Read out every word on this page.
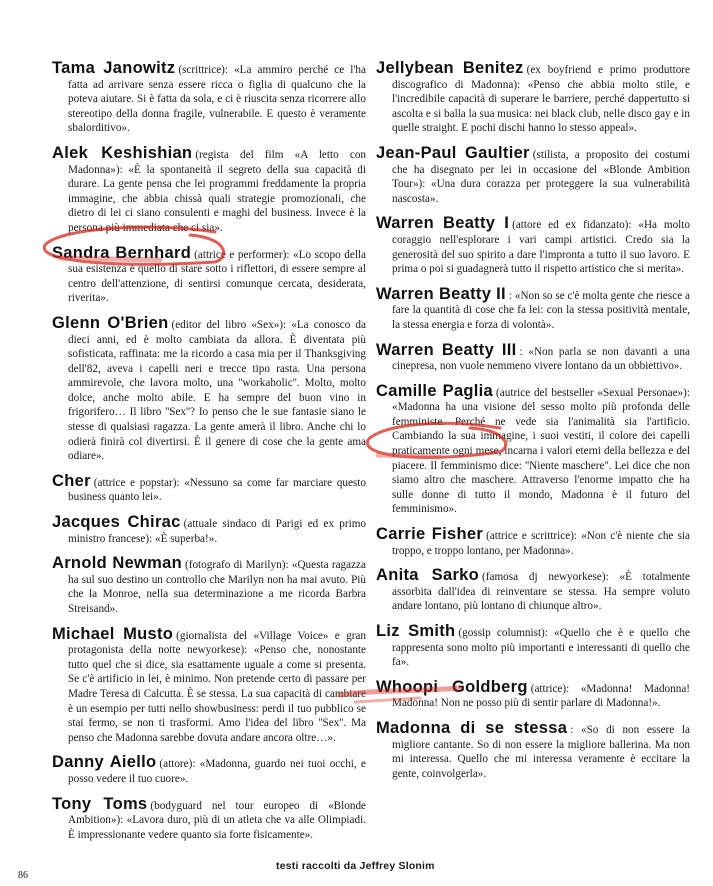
Tama Janowitz (scrittrice): «La ammiro perché ce l'ha fatta ad arrivare senza essere ricca o figlia di qualcuno che la poteva aiutare. Si è fatta da sola, e ci è riuscita senza ricorrere allo stereotipo della donna fragile, vulnerabile. E questo è veramente sbalorditivo».

Alek Keshishian (regista del film «A letto con Madonna»): «È la spontaneità il segreto della sua capacità di durare. La gente pensa che lei programmi freddamente la propria immagine, che abbia chissà quali strategie promozionali, che dietro di lei ci siano consulenti e maghi del business. Invece è la persona più immediata che ci sia».

Sandra Bernhard (attrice e performer): «Lo scopo della sua esistenza è quello di stare sotto i riflettori, di essere sempre al centro dell'attenzione, di sentirsi comunque cercata, desiderata, riverita».

Glenn O'Brien (editor del libro «Sex»): «La conosco da dieci anni, ed è molto cambiata da allora. È diventata più sofisticata, raffinata: me la ricordo a casa mia per il Thanksgiving dell'82, aveva i capelli neri e trecce tipo rasta. Una persona ammirevole, che lavora molto, una ''workaholic''. Molto, molto dolce, anche molto abile. E ha sempre del buon vino in frigorifero… Il libro ''Sex''? Io penso che le sue fantasie siano le stesse di qualsiasi ragazza. La gente amerà il libro. Anche chi lo odierà finirà col divertirsi. È il genere di cose che la gente ama odiare».

Cher (attrice e popstar): «Nessuno sa come far marciare questo business quanto lei».

Jacques Chirac (attuale sindaco di Parigi ed ex primo ministro francese): «È superba!».

Arnold Newman (fotografo di Marilyn): «Questa ragazza ha sul suo destino un controllo che Marilyn non ha mai avuto. Più che la Monroe, nella sua determinazione a me ricorda Barbra Streisand».

Michael Musto (giornalista del «Village Voice» e gran protagonista della notte newyorkese): «Penso che, nonostante tutto quel che si dice, sia esattamente uguale a come si presenta. Se c'è artificio in lei, è minimo. Non pretende certo di passare per Madre Teresa di Calcutta. È se stessa. La sua capacità di cambiare è un esempio per tutti nello showbusiness: perdi il tuo pubblico se stai fermo, se non ti trasformi. Amo l'idea del libro ''Sex''. Ma penso che Madonna sarebbe dovuta andare ancora oltre…».

Danny Aiello (attore): «Madonna, guardo nei tuoi occhi, e posso vedere il tuo cuore».

Tony Toms (bodyguard nel tour europeo di «Blonde Ambition»): «Lavora duro, più di un atleta che va alle Olimpiadi. È impressionante vedere quanto sia forte fisicamente».

Jellybean Benitez (ex boyfriend e primo produttore discografico di Madonna): «Penso che abbia molto stile, e l'incredibile capacità di superare le barriere, perché dappertutto si ascolta e si balla la sua musica: nei black club, nelle disco gay e in quelle straight. E pochi dischi hanno lo stesso appeal».

Jean-Paul Gaultier (stilista, a proposito dei costumi che ha disegnato per lei in occasione del «Blonde Ambition Tour»): «Una dura corazza per proteggere la sua vulnerabilità nascosta».

Warren Beatty I (attore ed ex fidanzato): «Ha molto coraggio nell'esplorare i vari campi artistici. Credo sia la generosità del suo spirito a dare l'impronta a tutto il suo lavoro. E prima o poi si guadagnerà tutto il rispetto artistico che si merita».

Warren Beatty II : «Non so se c'è molta gente che riesce a fare la quantità di cose che fa lei: con la stessa positività mentale, la stessa energia e forza di volontà».

Warren Beatty III : «Non parla se non davanti a una cinepresa, non vuole nemmeno vivere lontano da un obbiettivo».

Camille Paglia (autrice del bestseller «Sexual Personae»): «Madonna ha una visione del sesso molto più profonda delle femministe. Perché ne vede sia l'animalità sia l'artificio. Cambiando la sua immagine, i suoi vestiti, il colore dei capelli praticamente ogni mese, incarna i valori eterni della bellezza e del piacere. Il femminismo dice: ''Niente maschere''. Lei dice che non siamo altro che maschere. Attraverso l'enorme impatto che ha sulle donne di tutto il mondo, Madonna è il futuro del femminismo».

Carrie Fisher (attrice e scrittrice): «Non c'è niente che sia troppo, e troppo lontano, per Madonna».

Anita Sarko (famosa dj newyorkese): «È totalmente assorbita dall'idea di reinventare se stessa. Ha sempre voluto andare lontano, più lontano di chiunque altro».

Liz Smith (gossip columnist): «Quello che è e quello che rappresenta sono molto più importanti e interessanti di quello che fa».

Whoopi Goldberg (attrice): «Madonna! Madonna! Madonna! Non ne posso più di sentir parlare di Madonna!».

Madonna di se stessa : «So di non essere la migliore cantante. So di non essere la migliore ballerina. Ma non mi interessa. Quello che mi interessa veramente è eccitare la gente, coinvolgerla».

testi raccolti da Jeffrey Slonim
86
